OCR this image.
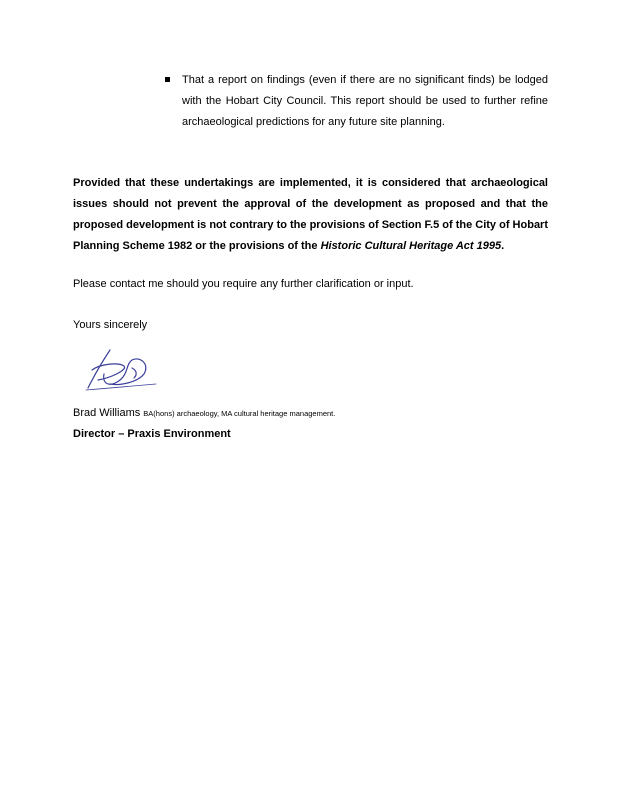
That a report on findings (even if there are no significant finds) be lodged with the Hobart City Council. This report should be used to further refine archaeological predictions for any future site planning.
Provided that these undertakings are implemented, it is considered that archaeological issues should not prevent the approval of the development as proposed and that the proposed development is not contrary to the provisions of Section F.5 of the City of Hobart Planning Scheme 1982 or the provisions of the Historic Cultural Heritage Act 1995.
Please contact me should you require any further clarification or input.
Yours sincerely
Brad Williams BA(hons) archaeology, MA cultural heritage management.
Director – Praxis Environment
